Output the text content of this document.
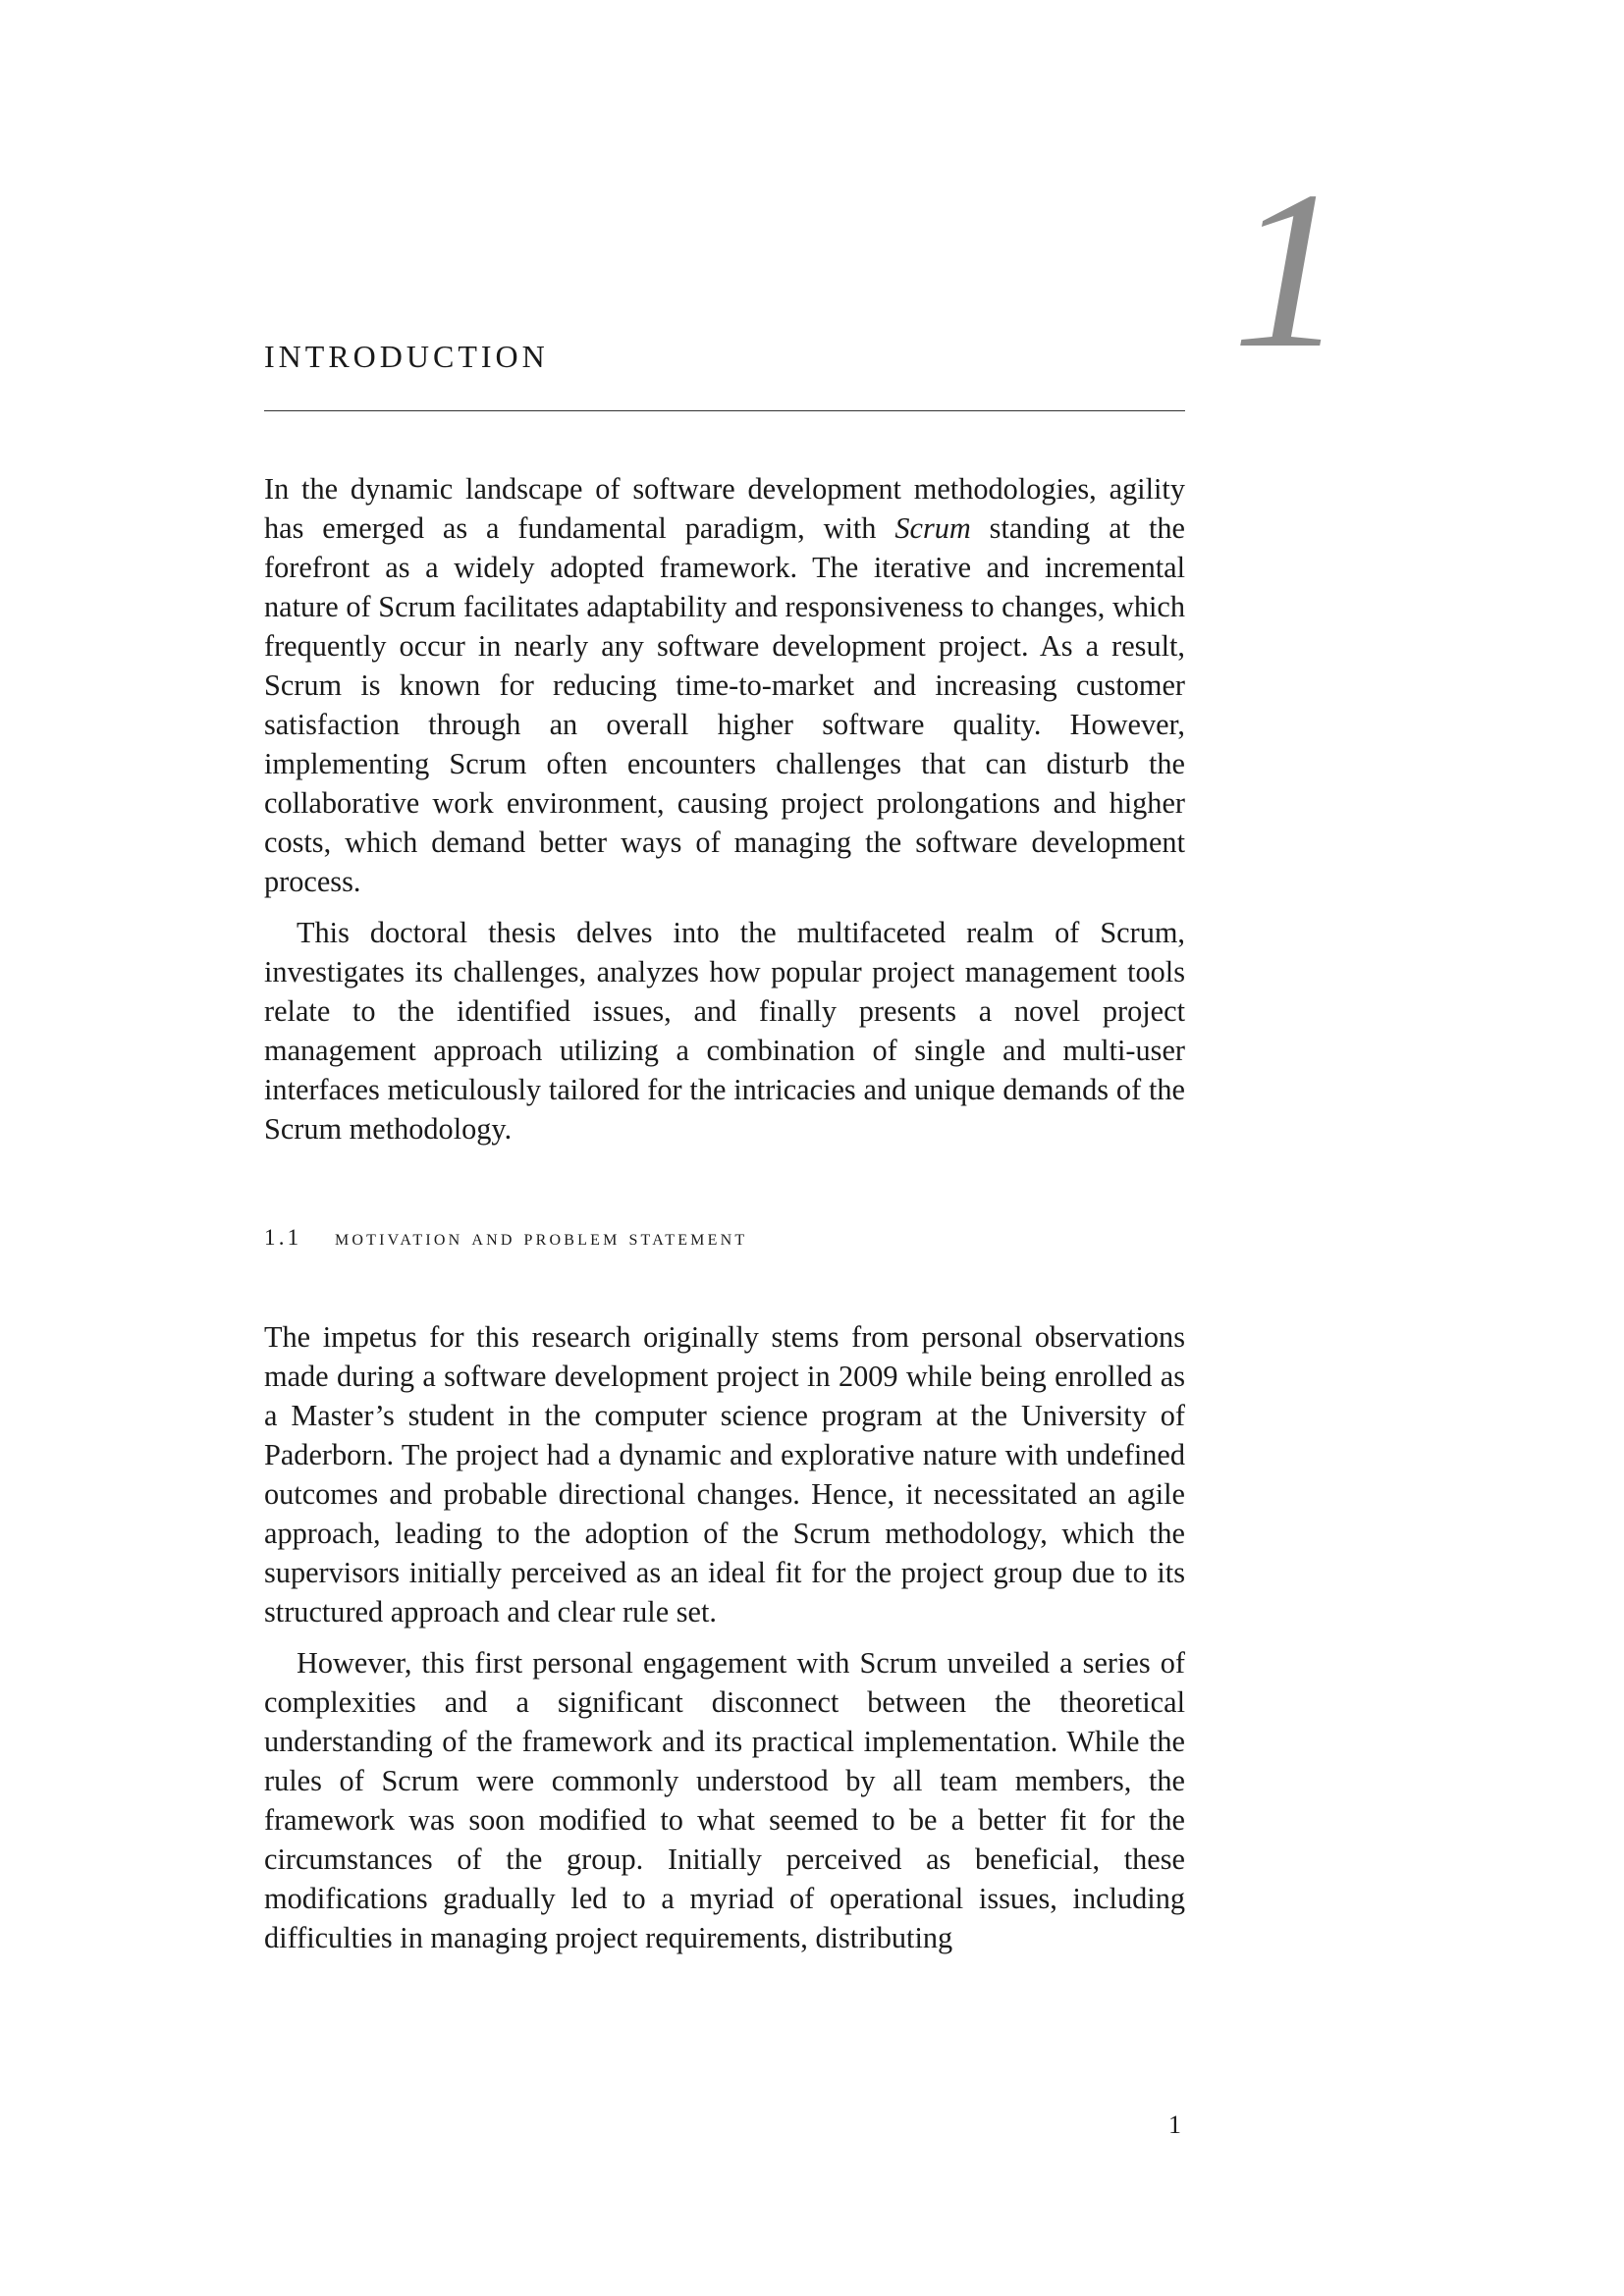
1
INTRODUCTION

In the dynamic landscape of software development methodologies, agility has emerged as a fundamental paradigm, with Scrum standing at the forefront as a widely adopted framework. The iterative and incremental nature of Scrum facilitates adaptability and responsiveness to changes, which frequently occur in nearly any software development project. As a result, Scrum is known for reducing time-to-market and increasing customer satisfaction through an overall higher software quality. However, implementing Scrum often encounters challenges that can disturb the collaborative work environment, causing project prolongations and higher costs, which demand better ways of managing the software development process.

This doctoral thesis delves into the multifaceted realm of Scrum, investigates its challenges, analyzes how popular project management tools relate to the identified issues, and finally presents a novel project management approach utilizing a combination of single and multi-user interfaces meticulously tailored for the intricacies and unique demands of the Scrum methodology.

1.1 motivation and problem statement

The impetus for this research originally stems from personal observations made during a software development project in 2009 while being enrolled as a Master’s student in the computer science program at the University of Paderborn. The project had a dynamic and explorative nature with undefined outcomes and probable directional changes. Hence, it necessitated an agile approach, leading to the adoption of the Scrum methodology, which the supervisors initially perceived as an ideal fit for the project group due to its structured approach and clear rule set.

However, this first personal engagement with Scrum unveiled a series of complexities and a significant disconnect between the theoretical understanding of the framework and its practical implementation. While the rules of Scrum were commonly understood by all team members, the framework was soon modified to what seemed to be a better fit for the circumstances of the group. Initially perceived as beneficial, these modifications gradually led to a myriad of operational issues, including difficulties in managing project requirements, distributing

1
